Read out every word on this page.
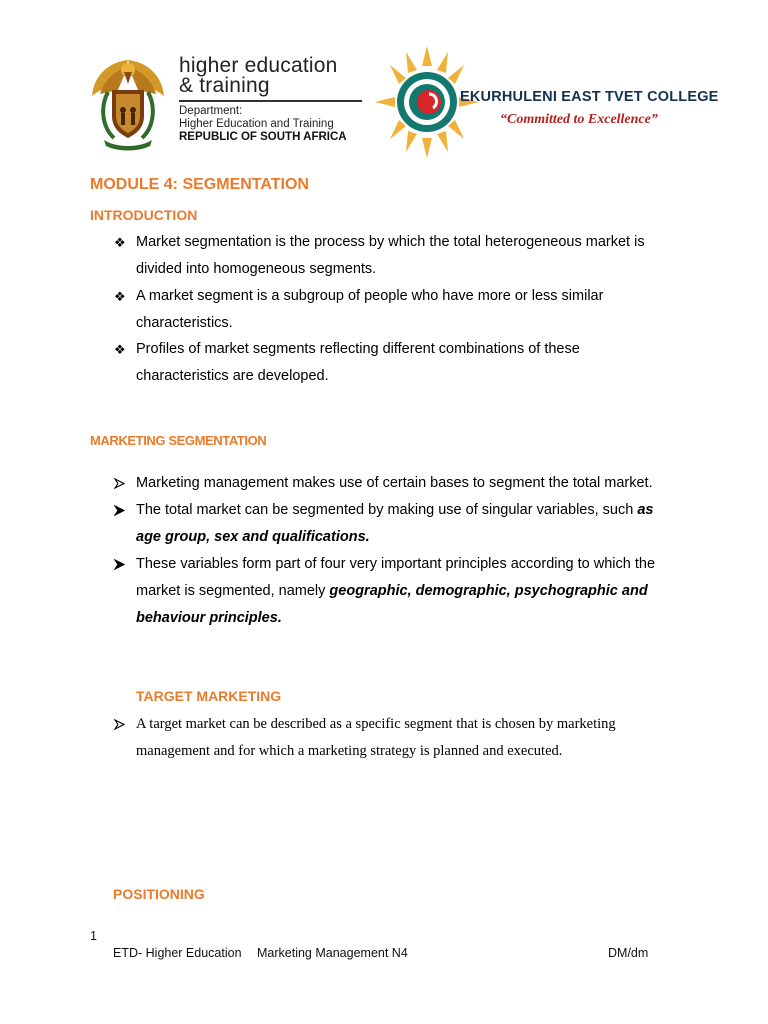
higher education
& training
Department:
Higher Education and Training
REPUBLIC OF SOUTH AFRICA
EKURHULENI EAST TVET COLLEGE
“Committed to Excellence”
MODULE 4: SEGMENTATION
INTRODUCTION
❖ Market segmentation is the process by which the total heterogeneous market is
divided into homogeneous segments.
❖ A market segment is a subgroup of people who have more or less similar
characteristics.
❖ Profiles of market segments reflecting different combinations of these
characteristics are developed.
MARKETING SEGMENTATION
Marketing management makes use of certain bases to segment the total market.
The total market can be segmented by making use of singular variables, such as
age group, sex and qualifications.
These variables form part of four very important principles according to which the
market is segmented, namely geographic, demographic, psychographic and
behaviour principles.
TARGET MARKETING
A target market can be described as a specific segment that is chosen by marketing
management and for which a marketing strategy is planned and executed.
POSITIONING
1
ETD- Higher Education Marketing Management N4	DM/dm
